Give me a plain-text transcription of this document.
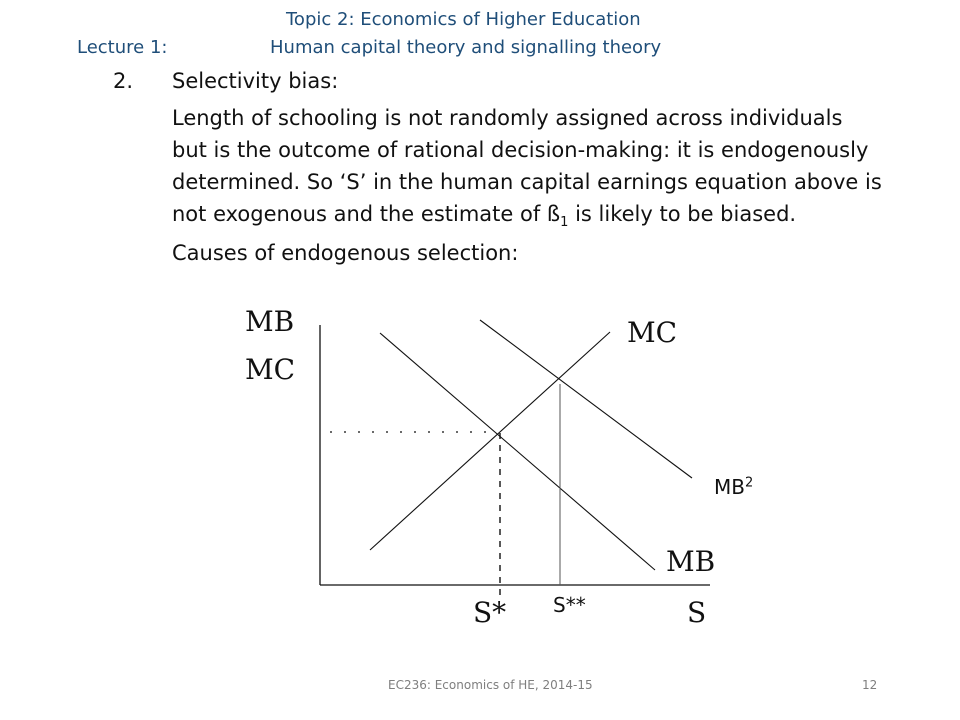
Topic 2: Economics of Higher Education
Lecture 1:	Human capital theory and signalling theory
2. Selectivity bias:
Length of schooling is not randomly assigned across individuals
but is the outcome of rational decision-making: it is endogenously
determined. So ‘S’ in the human capital earnings equation above is
not exogenous and the estimate of $ß_1$ is likely to be biased.
Causes of endogenous selection:
MB
MC
MC
$MB^2$
MB
S* S**	S
EC236: Economics of HE, 2014-15	12
